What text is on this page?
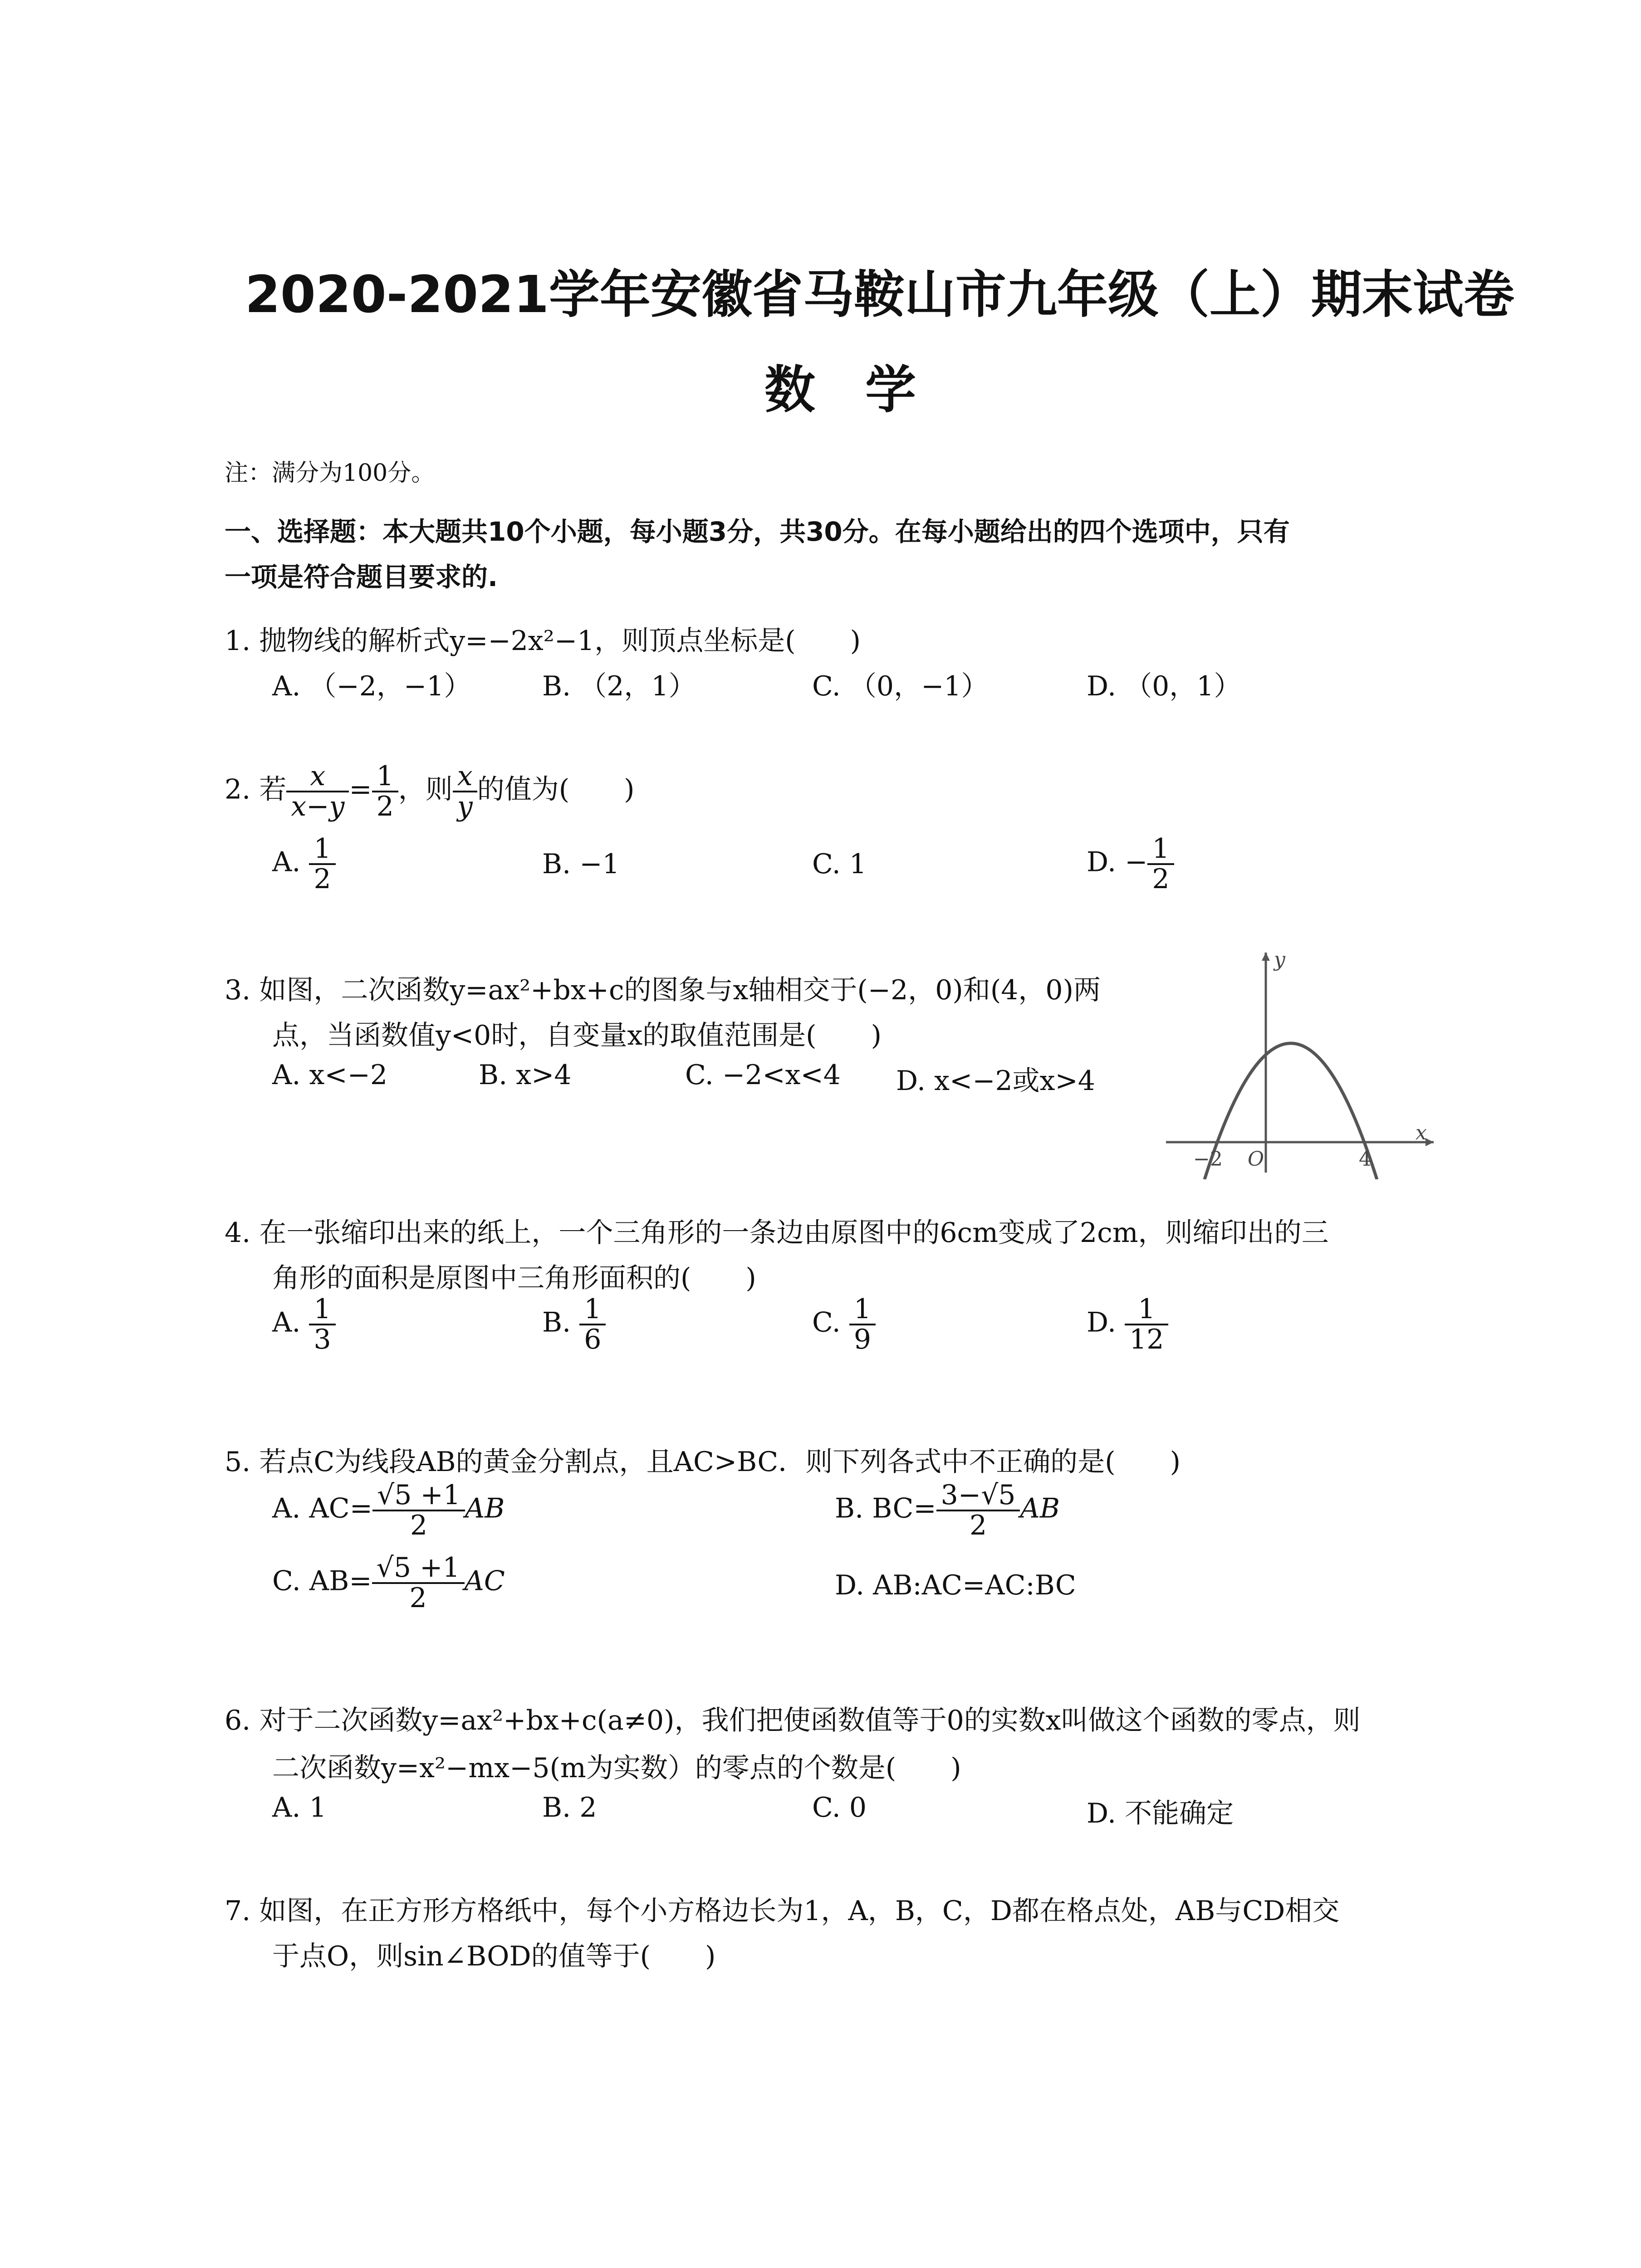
2020-2021学年安徽省马鞍山市九年级（上）期末试卷
数学
注：满分为100分。
一、选择题：本大题共10个小题，每小题3分，共30分。在每小题给出的四个选项中，只有
一项是符合题目要求的.
1. 抛物线的解析式y=−2x²−1，则顶点坐标是(　　)
A. （−2，−1）	B. （2，1）	C. （0，−1）	D. （0，1）
2. 若 $\frac{x}{x-y} = \frac{1}{2}$ ，则 $\frac{x}{y}$ 的值为(　　)
A. $\frac{1}{2}$	B. −1	C. 1	D. − $\frac{1}{2}$
3. 如图，二次函数y=ax²+bx+c的图象与x轴相交于(−2，0)和(4，0)两
点，当函数值y<0时，自变量x的取值范围是(　　)
A. x<−2	B. x>4	C. −2<x<4 D. x<−2或x>4
y
x
O
−2	4
4. 在一张缩印出来的纸上，一个三角形的一条边由原图中的6cm变成了2cm，则缩印出的三
角形的面积是原图中三角形面积的(　　)
A. $\frac{1}{3}$	B. $\frac{1}{6}$	C. $\frac{1}{9}$	D. $\frac{1}{12}$
5. 若点C为线段AB的黄金分割点，且AC>BC．则下列各式中不正确的是(　　)
A. $AC= \frac{√5 +1}{2}$ AB	B. $BC= \frac{3-√5}{2}$ AB
C. $AB= \frac{√5 +1}{2}$ AC	D. AB:AC=AC:BC
6. 对于二次函数y=ax²+bx+c(a≠0)，我们把使函数值等于0的实数x叫做这个函数的零点，则
二次函数y=x²−mx−5(m为实数）的零点的个数是(　　)
A. 1	B. 2	C. 0	D. 不能确定
7. 如图，在正方形方格纸中，每个小方格边长为1，A，B，C，D都在格点处，AB与CD相交
于点O，则sin∠BOD的值等于(　　)
